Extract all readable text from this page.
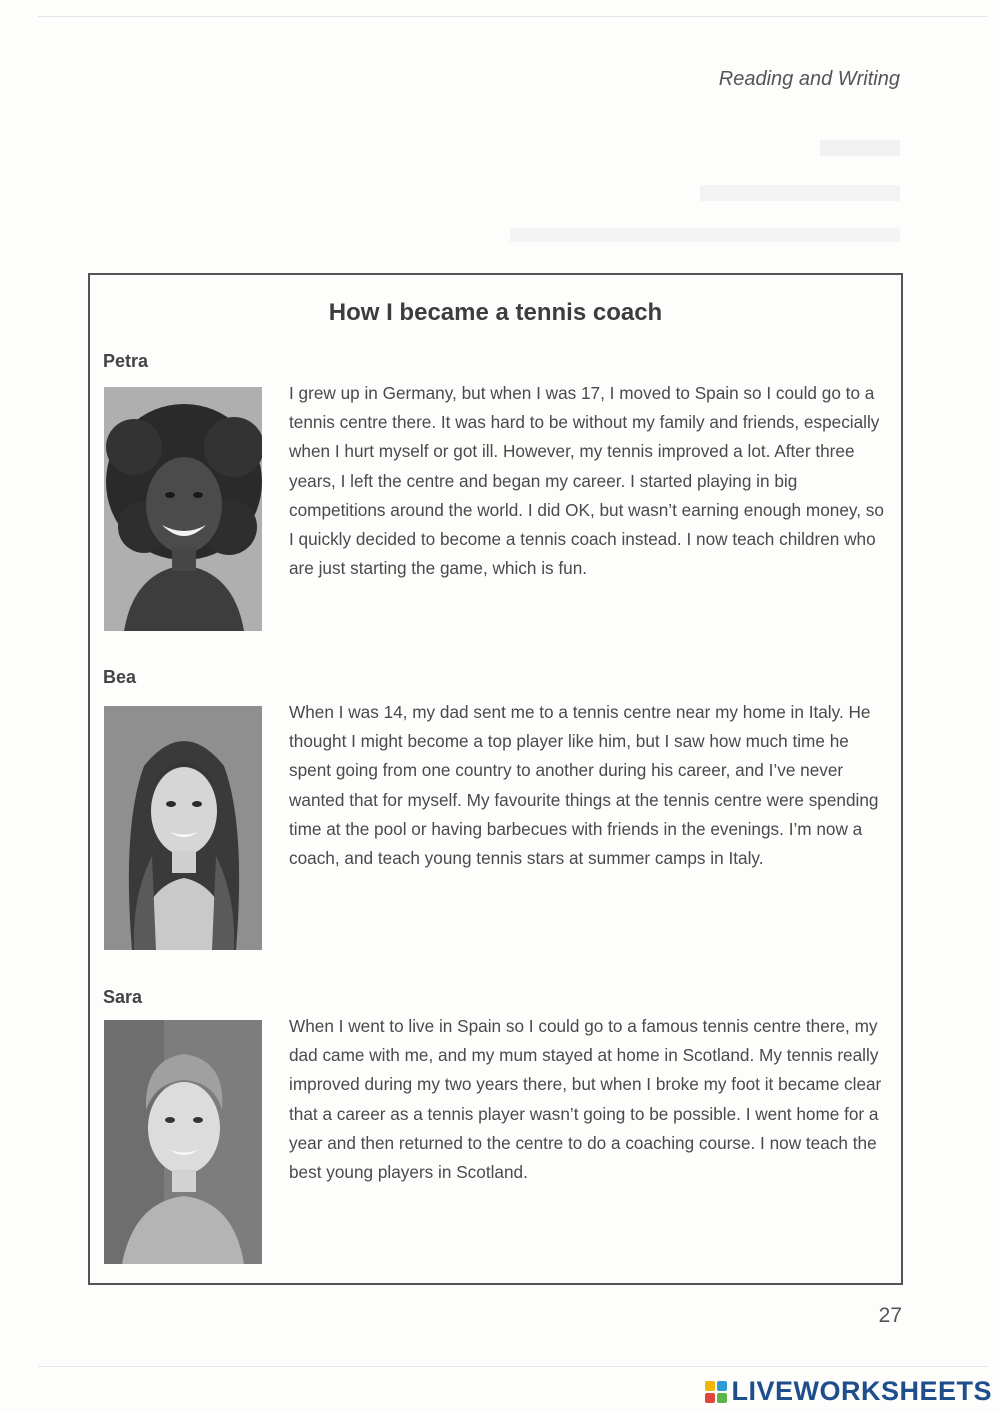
Reading and Writing
How I became a tennis coach
Petra

I grew up in Germany, but when I was 17, I moved to Spain so I could go to a tennis centre there. It was hard to be without my family and friends, especially when I hurt myself or got ill. However, my tennis improved a lot. After three years, I left the centre and began my career. I started playing in big competitions around the world. I did OK, but wasn’t earning enough money, so I quickly decided to become a tennis coach instead. I now teach children who are just starting the game, which is fun.

Bea

When I was 14, my dad sent me to a tennis centre near my home in Italy. He thought I might become a top player like him, but I saw how much time he spent going from one country to another during his career, and I’ve never wanted that for myself. My favourite things at the tennis centre were spending time at the pool or having barbecues with friends in the evenings. I’m now a coach, and teach young tennis stars at summer camps in Italy.

Sara

When I went to live in Spain so I could go to a famous tennis centre there, my dad came with me, and my mum stayed at home in Scotland. My tennis really improved during my two years there, but when I broke my foot it became clear that a career as a tennis player wasn’t going to be possible. I went home for a year and then returned to the centre to do a coaching course. I now teach the best young players in Scotland.

27
LIVEWORKSHEETS
